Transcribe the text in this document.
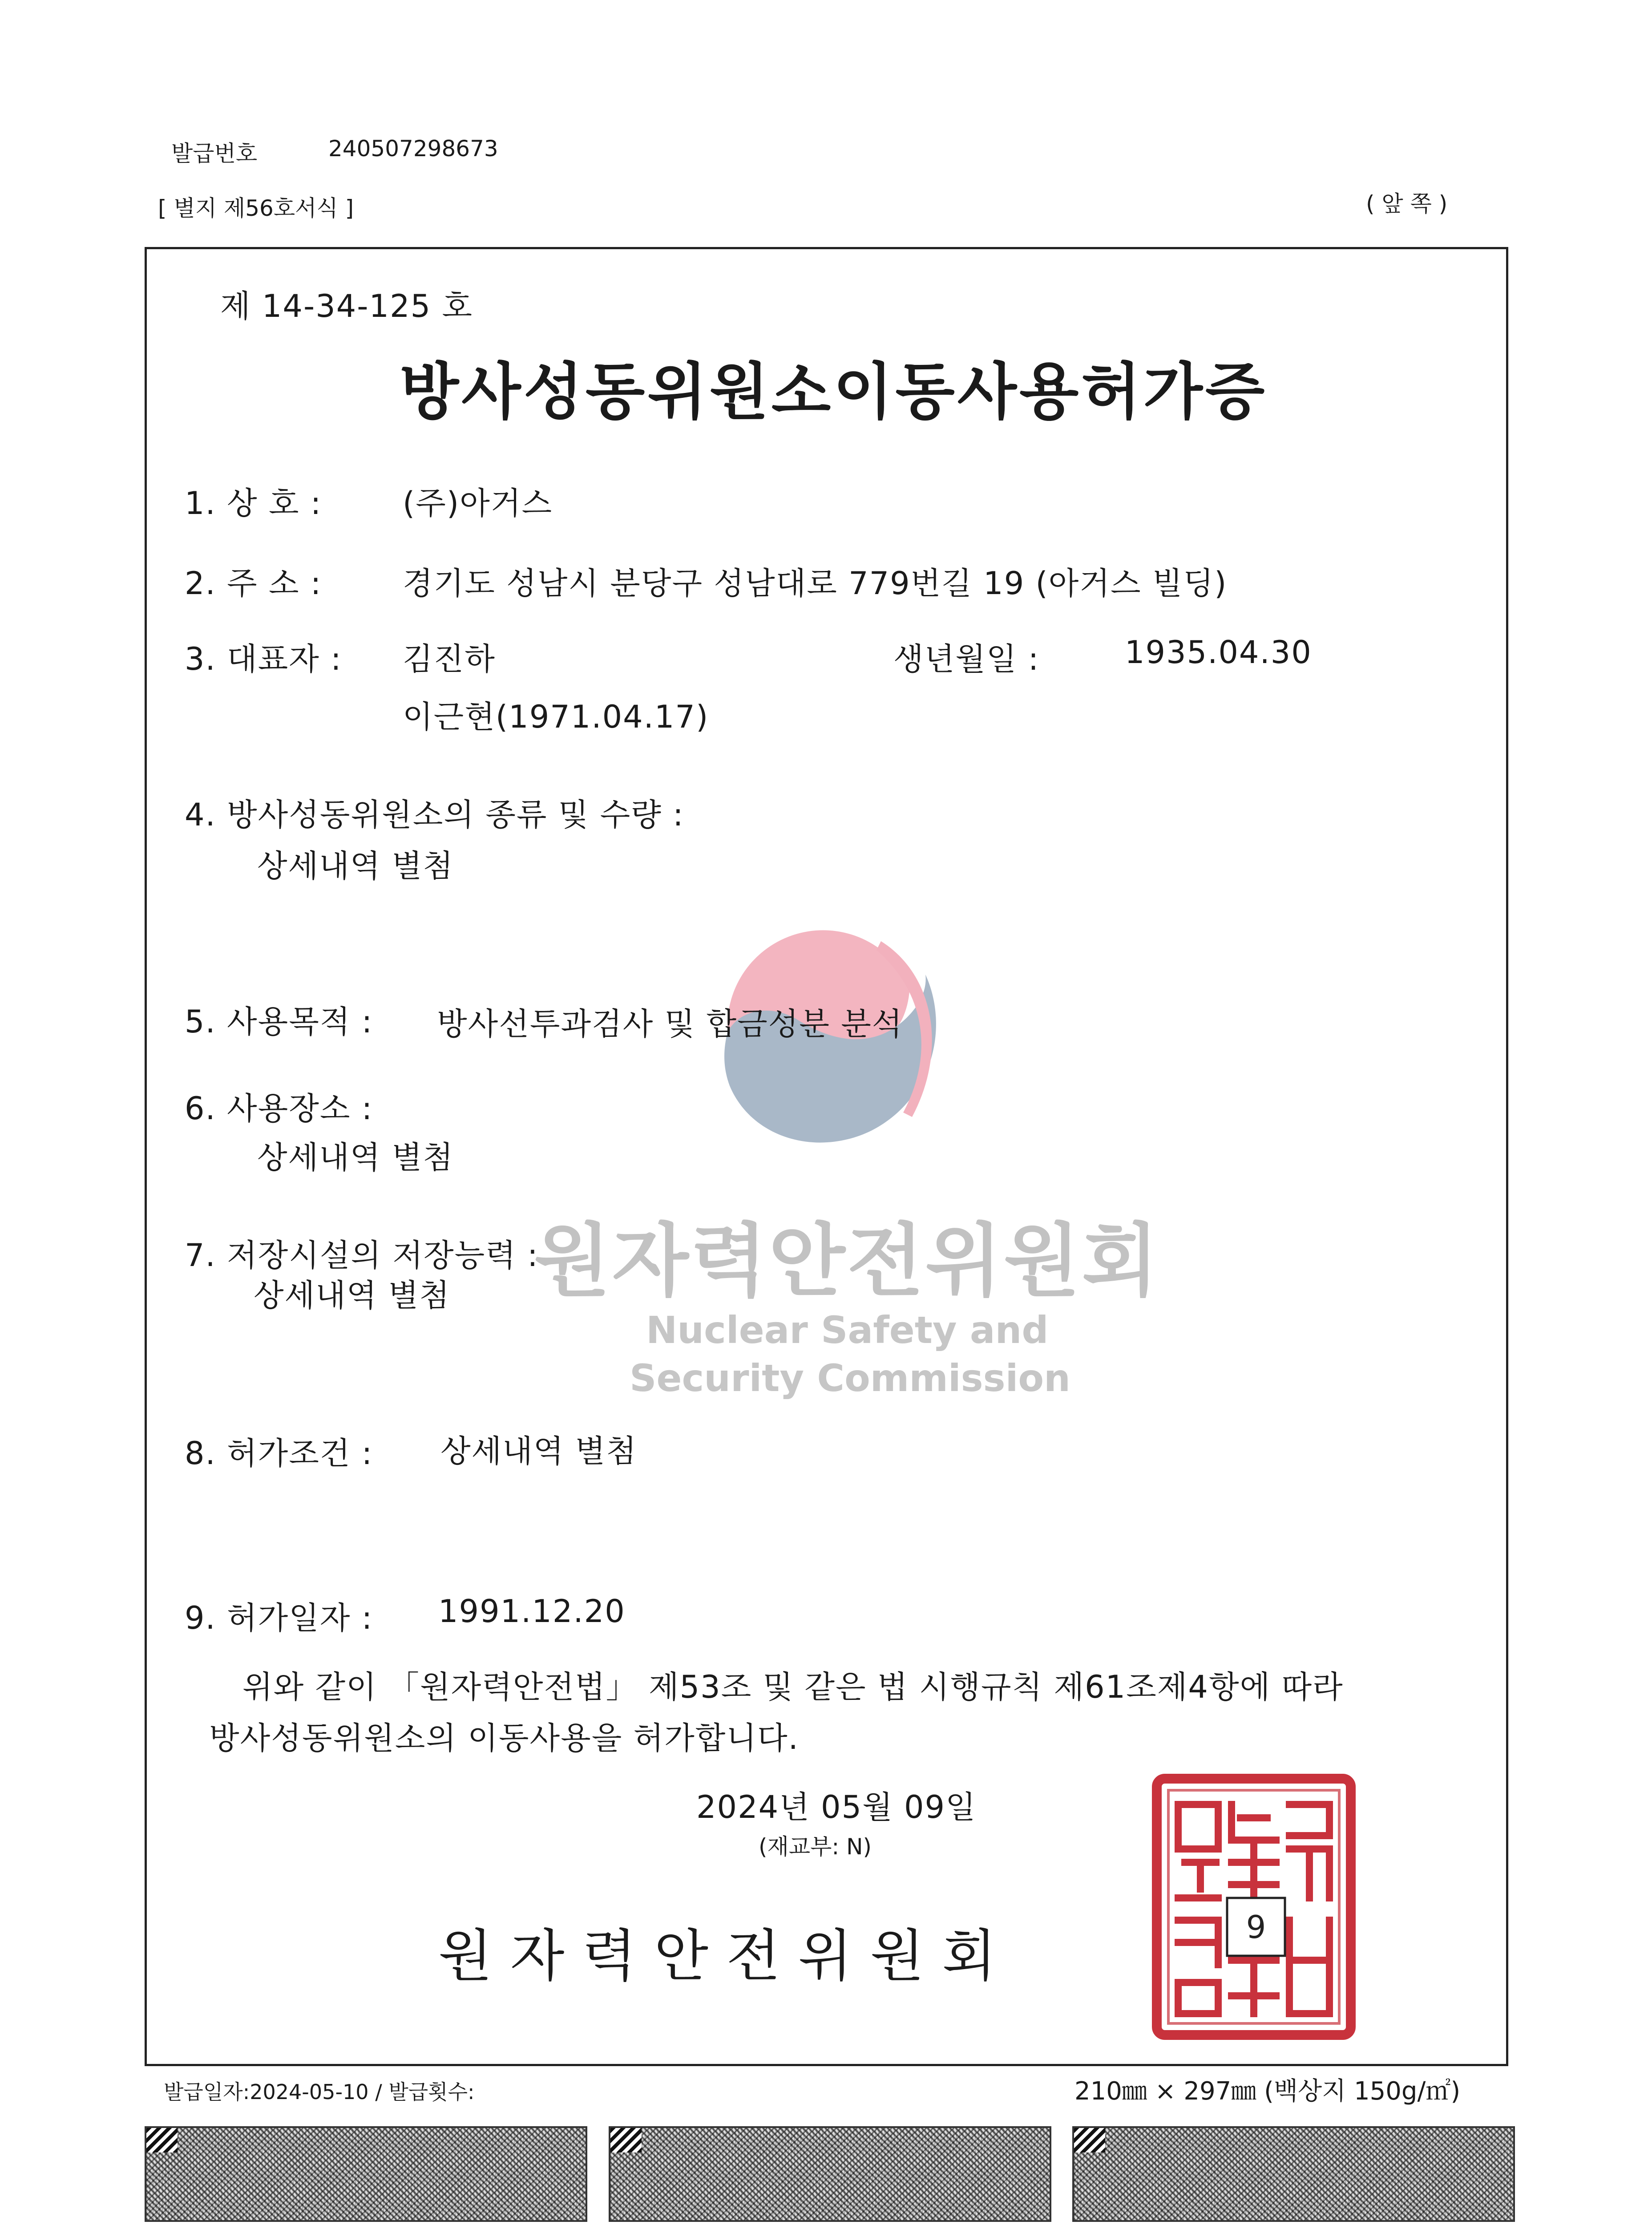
발급번호	240507298673
[ 별지 제56호서식 ]	( 앞 쪽 )
원자력안전위원회
Nuclear Safety and
Security Commission
제 14-34-125 호
방사성동위원소이동사용허가증
1. 상 호 :	(주)아거스
2. 주 소 :	경기도 성남시 분당구 성남대로 779번길 19 (아거스 빌딩)
3. 대표자 : 김진하	생년월일 :	1935.04.30
이근현(1971.04.17)
4. 방사성동위원소의 종류 및 수량 :
상세내역 별첨
5. 사용목적 : 방사선투과검사 및 합금성분 분석
6. 사용장소 :
상세내역 별첨
7. 저장시설의 저장능력 :
상세내역 별첨
8. 허가조건 : 상세내역 별첨
9. 허가일자 : 1991.12.20
위와 같이 「원자력안전법」 제53조 및 같은 법 시행규칙 제61조제4항에 따라
방사성동위원소의 이동사용을 허가합니다.
2024년 05월 09일
(재교부: N)
원 자 력 안 전 위 원 회	9
발급일자:2024-05-10 / 발급횟수:	210㎜ × 297㎜ (백상지 150g/㎡)
